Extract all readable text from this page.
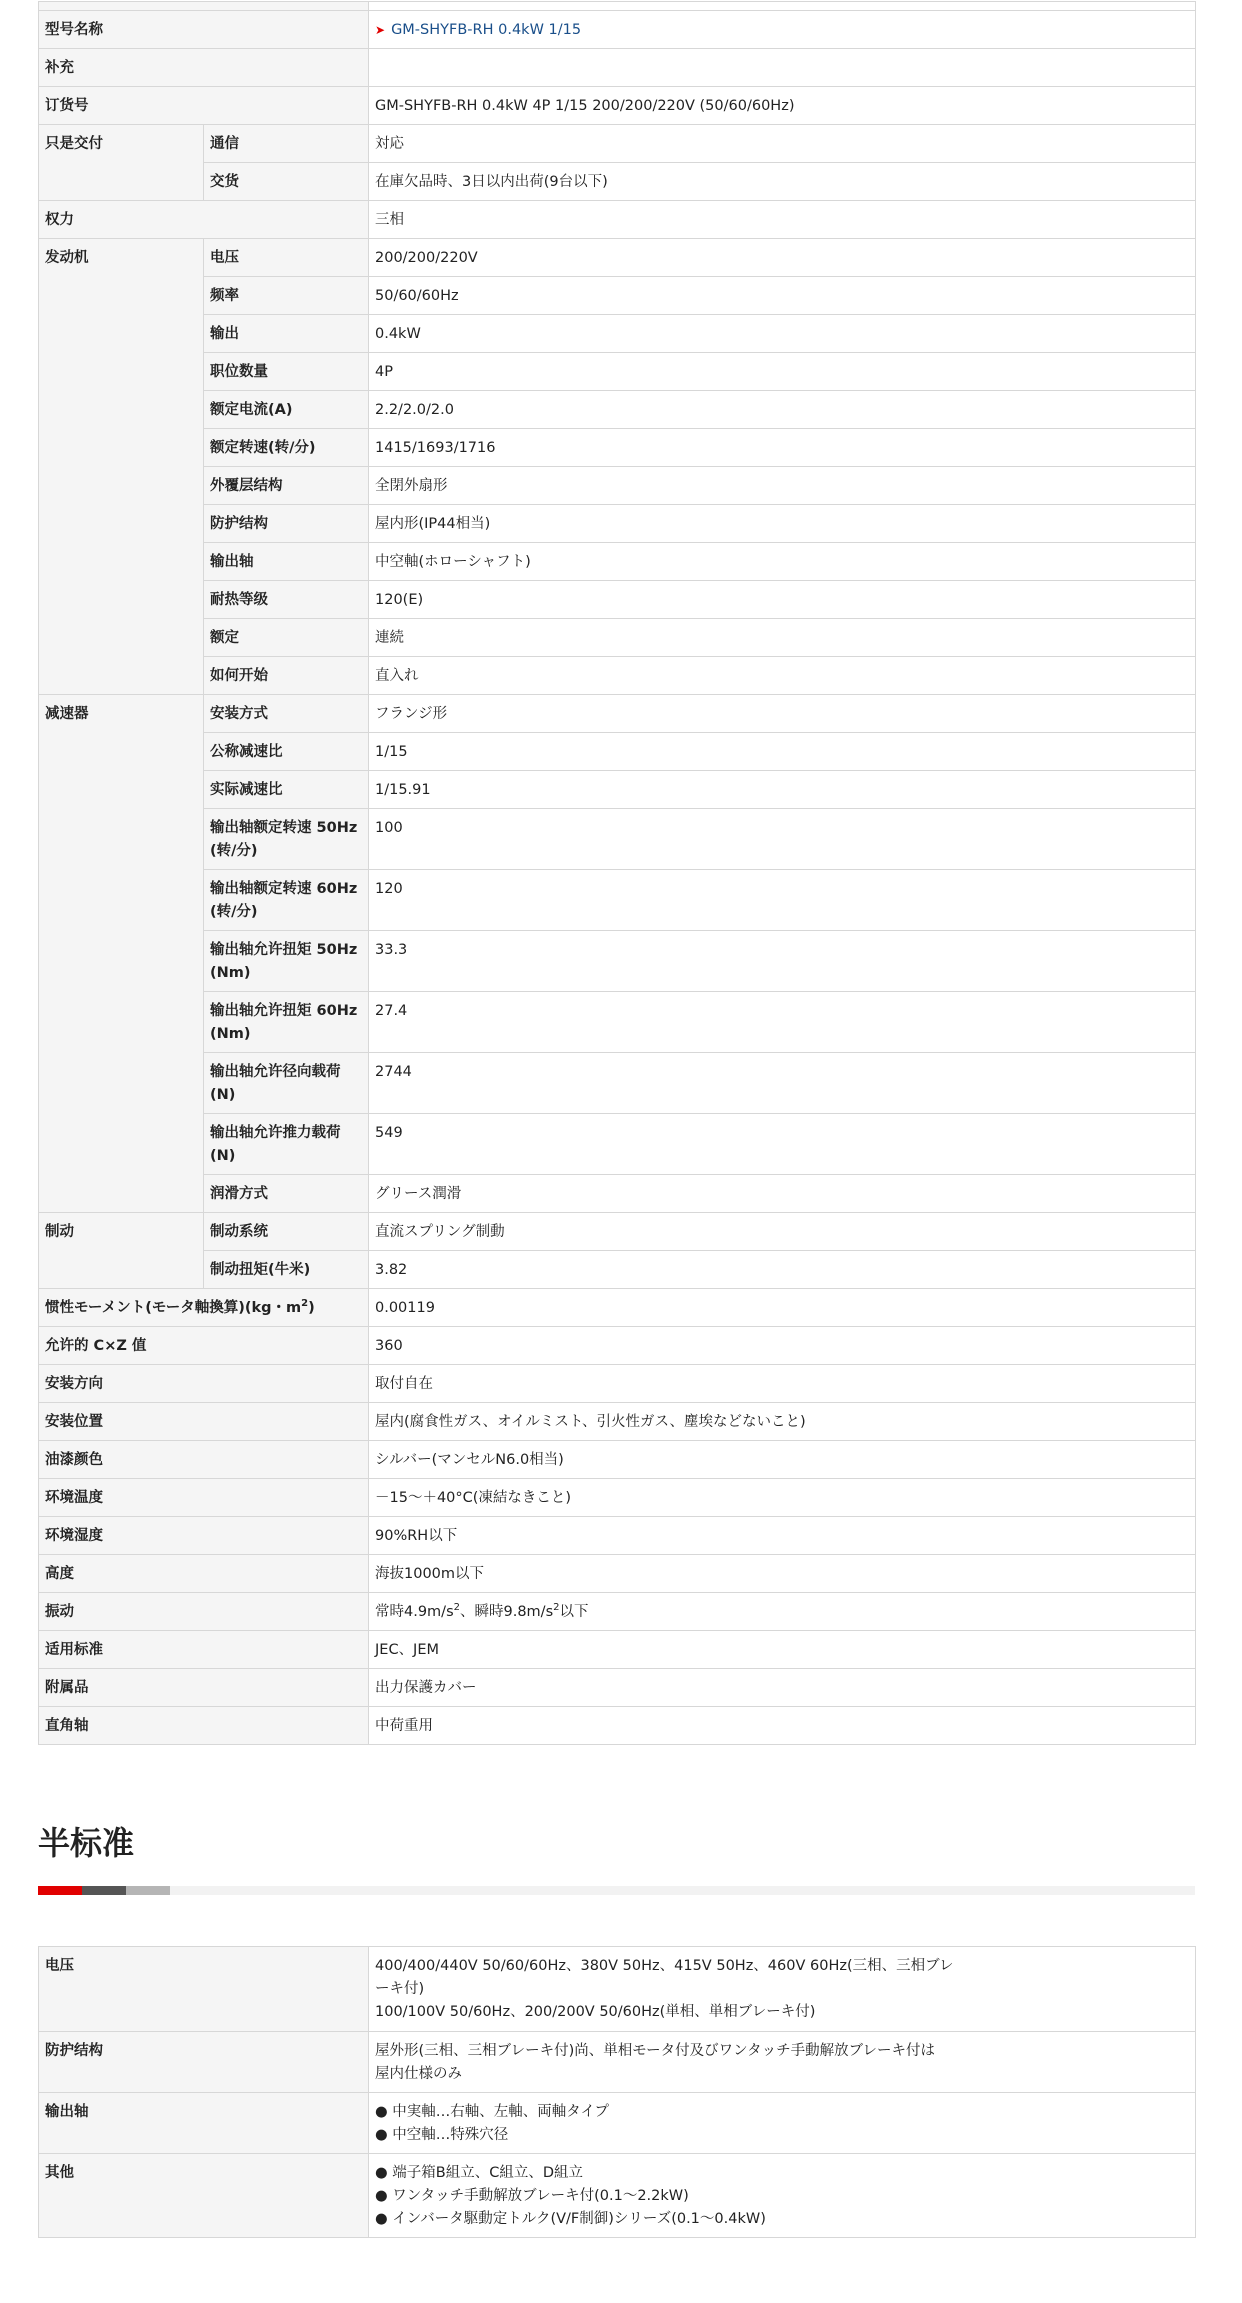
型号名称		➤ GM-SHYFB-RH 0.4kW 1/15
补充		
订货号		GM-SHYFB-RH 0.4kW 4P 1/15 200/200/220V (50/60/60Hz)
只是交付	通信	対応
	交货	在庫欠品時、3日以内出荷(9台以下)
权力		三相
发动机	电压	200/200/220V
	频率	50/60/60Hz
	输出	0.4kW
	职位数量	4P
	额定电流(A)	2.2/2.0/2.0
	额定转速(转/分)	1415/1693/1716
	外覆层结构	全閉外扇形
	防护结构	屋内形(IP44相当)
	输出轴	中空軸(ホローシャフト)
	耐热等级	120(E)
	额定	連続
	如何开始	直入れ
减速器	安装方式	フランジ形
	公称减速比	1/15
	实际减速比	1/15.91
	输出轴额定转速 50Hz (转/分)	100
	输出轴额定转速 60Hz (转/分)	120
	输出轴允许扭矩 50Hz (Nm)	33.3
	输出轴允许扭矩 60Hz (Nm)	27.4
	输出轴允许径向载荷 (N)	2744
	输出轴允许推力载荷 (N)	549
	润滑方式	グリース潤滑
制动	制动系统	直流スプリング制動
	制动扭矩(牛米)	3.82
惯性モーメント(モータ軸換算)(kg・$m^2$)		0.00119
允许的 C×Z 值		360
安装方向		取付自在
安装位置		屋内(腐食性ガス、オイルミスト、引火性ガス、塵埃などないこと)
油漆颜色		シルバー(マンセルN6.0相当)
环境温度		－15～＋40°C(凍結なきこと)
环境湿度		90%RH以下
高度		海抜1000m以下
振动		常時$4.9m/s^2$、瞬時$9.8m/s^2$以下
适用标准		JEC、JEM
附属品		出力保護カバー
直角轴		中荷重用
半标准
电压	400/400/440V 50/60/60Hz、380V 50Hz、415V 50Hz、460V 60Hz(三相、三相ブレ
ーキ付)
100/100V 50/60Hz、200/200V 50/60Hz(単相、単相ブレーキ付)

防护结构	屋外形(三相、三相ブレーキ付)尚、単相モータ付及びワンタッチ手動解放ブレーキ付は
屋内仕様のみ

输出轴	● 中実軸…右軸、左軸、両軸タイプ
● 中空軸…特殊穴径

其他	● 端子箱B組立、C組立、D組立
● ワンタッチ手動解放ブレーキ付(0.1～2.2kW)
● インバータ駆動定トルク(V/F制御)シリーズ(0.1～0.4kW)
